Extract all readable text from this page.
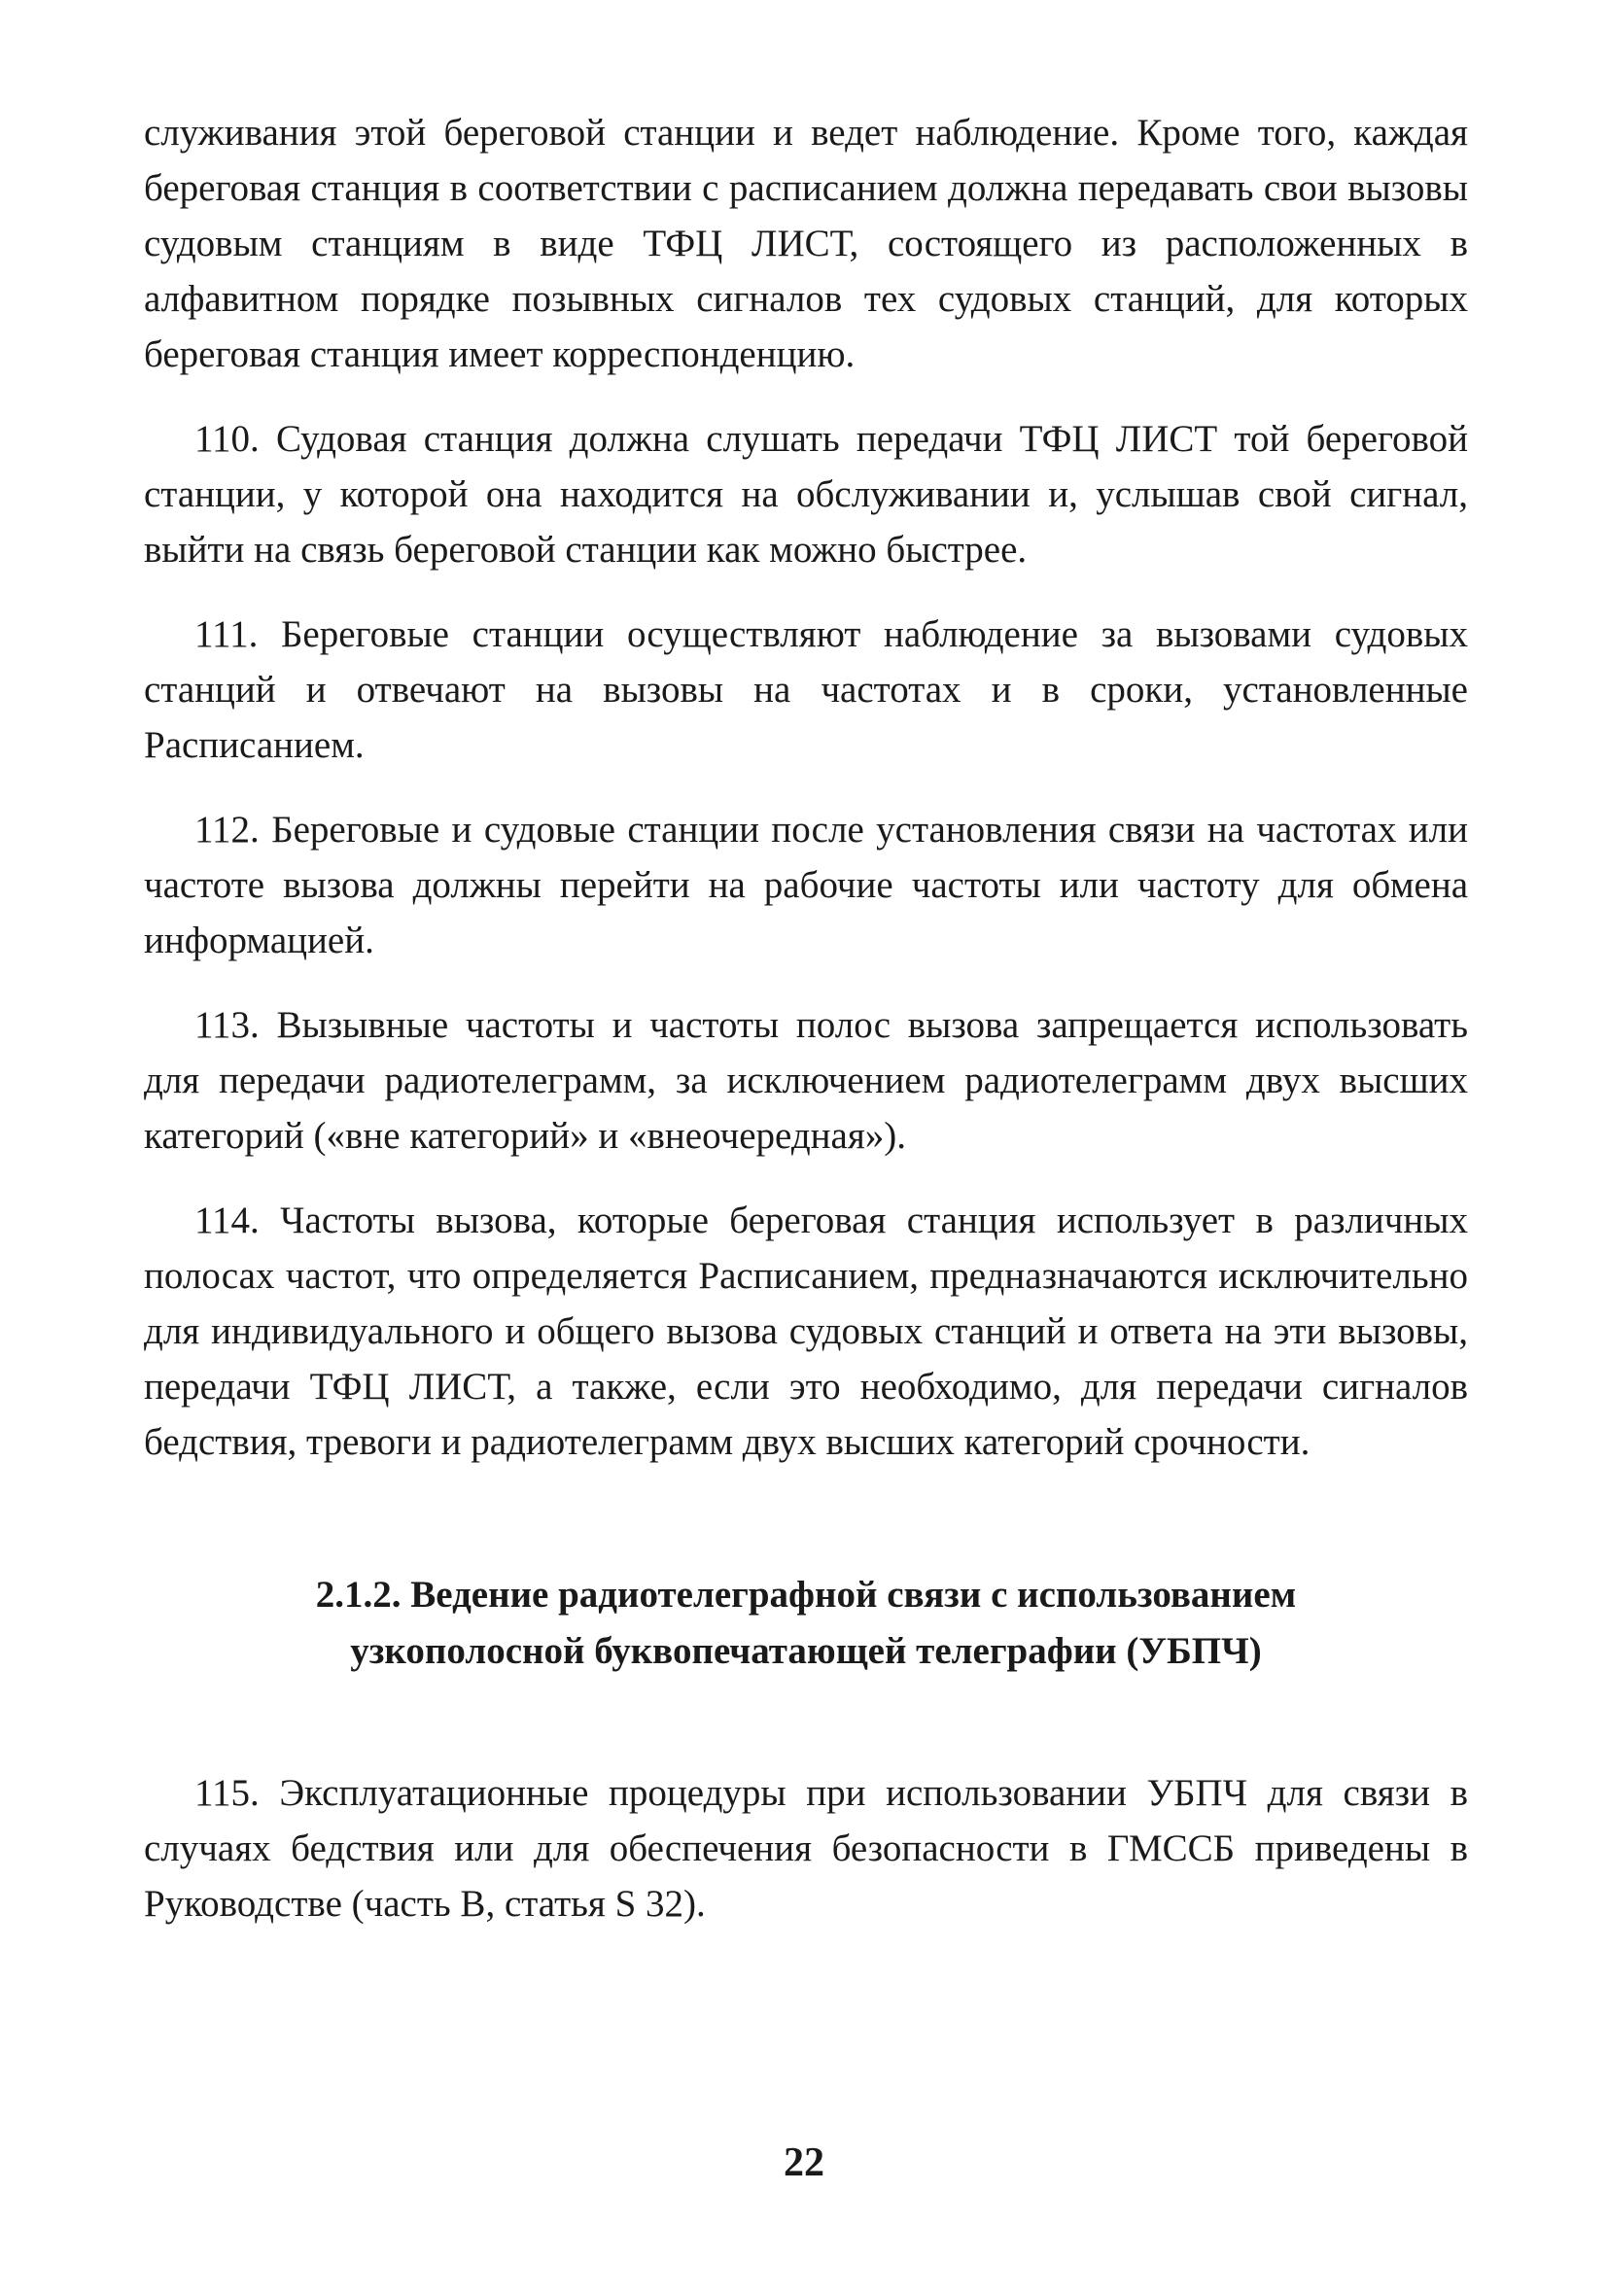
служивания этой береговой станции и ведет наблюдение. Кроме того, каждая береговая станция в соответствии с расписанием должна передавать свои вызовы судовым станциям в виде ТФЦ ЛИСТ, состоящего из расположенных в алфавитном порядке позывных сигналов тех судовых станций, для которых береговая станция имеет корреспонденцию.

110. Судовая станция должна слушать передачи ТФЦ ЛИСТ той береговой станции, у которой она находится на обслуживании и, услышав свой сигнал, выйти на связь береговой станции как можно быстрее.

111. Береговые станции осуществляют наблюдение за вызовами судовых станций и отвечают на вызовы на частотах и в сроки, установленные Расписанием.

112. Береговые и судовые станции после установления связи на частотах или частоте вызова должны перейти на рабочие частоты или частоту для обмена информацией.

113. Вызывные частоты и частоты полос вызова запрещается использовать для передачи радиотелеграмм, за исключением радиотелеграмм двух высших категорий («вне категорий» и «внеочередная»).

114. Частоты вызова, которые береговая станция использует в различных полосах частот, что определяется Расписанием, предназначаются исключительно для индивидуального и общего вызова судовых станций и ответа на эти вызовы, передачи ТФЦ ЛИСТ, а также, если это необходимо, для передачи сигналов бедствия, тревоги и радиотелеграмм двух высших категорий срочности.

2.1.2. Ведение радиотелеграфной связи с использованием
узкополосной буквопечатающей телеграфии (УБПЧ)

115. Эксплуатационные процедуры при использовании УБПЧ для связи в случаях бедствия или для обеспечения безопасности в ГМССБ приведены в Руководстве (часть В, статья S 32).

22
